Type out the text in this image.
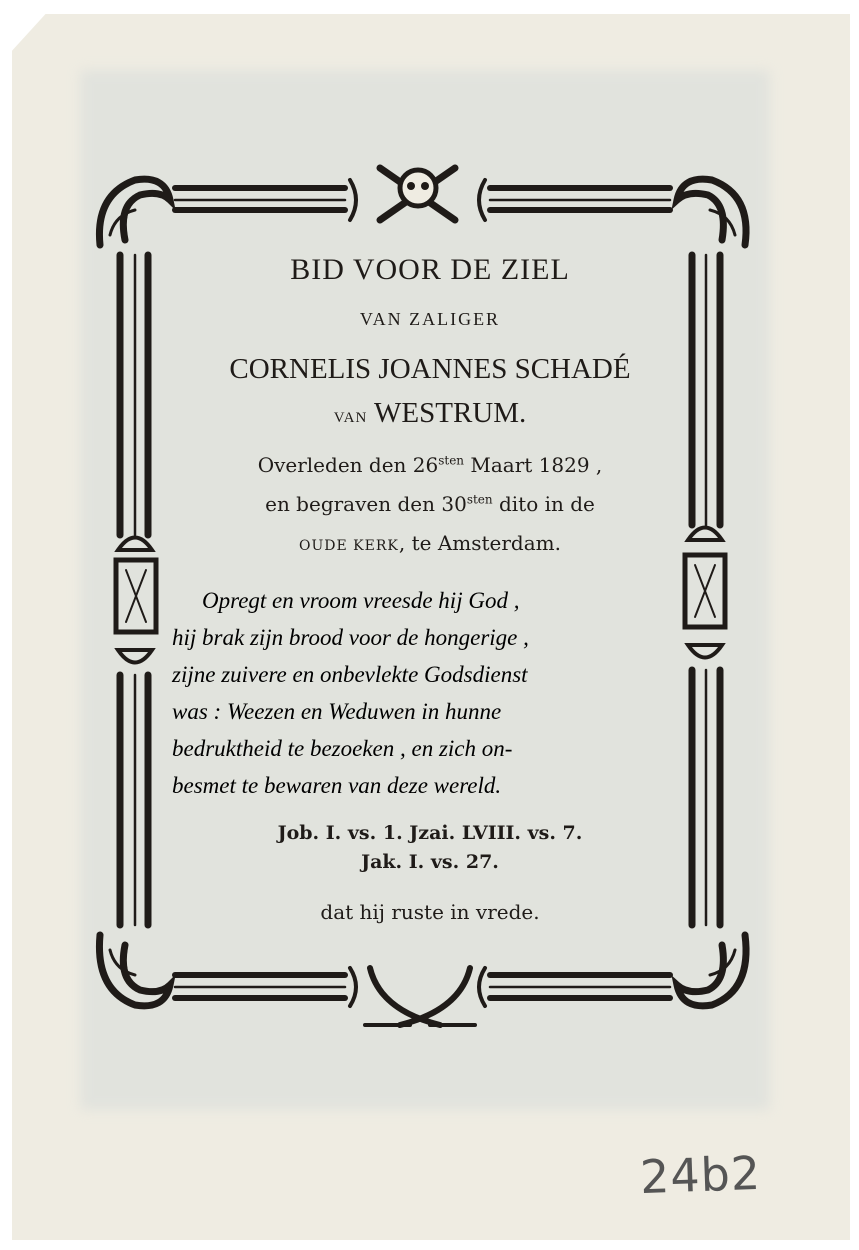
BID VOOR DE ZIEL

VAN ZALIGER

CORNELIS JOANNES SCHADÉ

VAN WESTRUM.

Overleden den $26^{sten}$ Maart 1829 ,

en begraven den $30^{sten}$ dito in de

OUDE KERK, te Amsterdam.

Opregt en vroom vreesde hij God ,

hij brak zijn brood voor de hongerige ,

zijne zuivere en onbevlekte Godsdienst

was : Weezen en Weduwen in hunne

bedruktheid te bezoeken , en zich on-

besmet te bewaren van deze wereld.

Job. I. vs. 1. Jzai. LVIII. vs. 7.

Jak. I. vs. 27.

dat hij ruste in vrede.

24b2
